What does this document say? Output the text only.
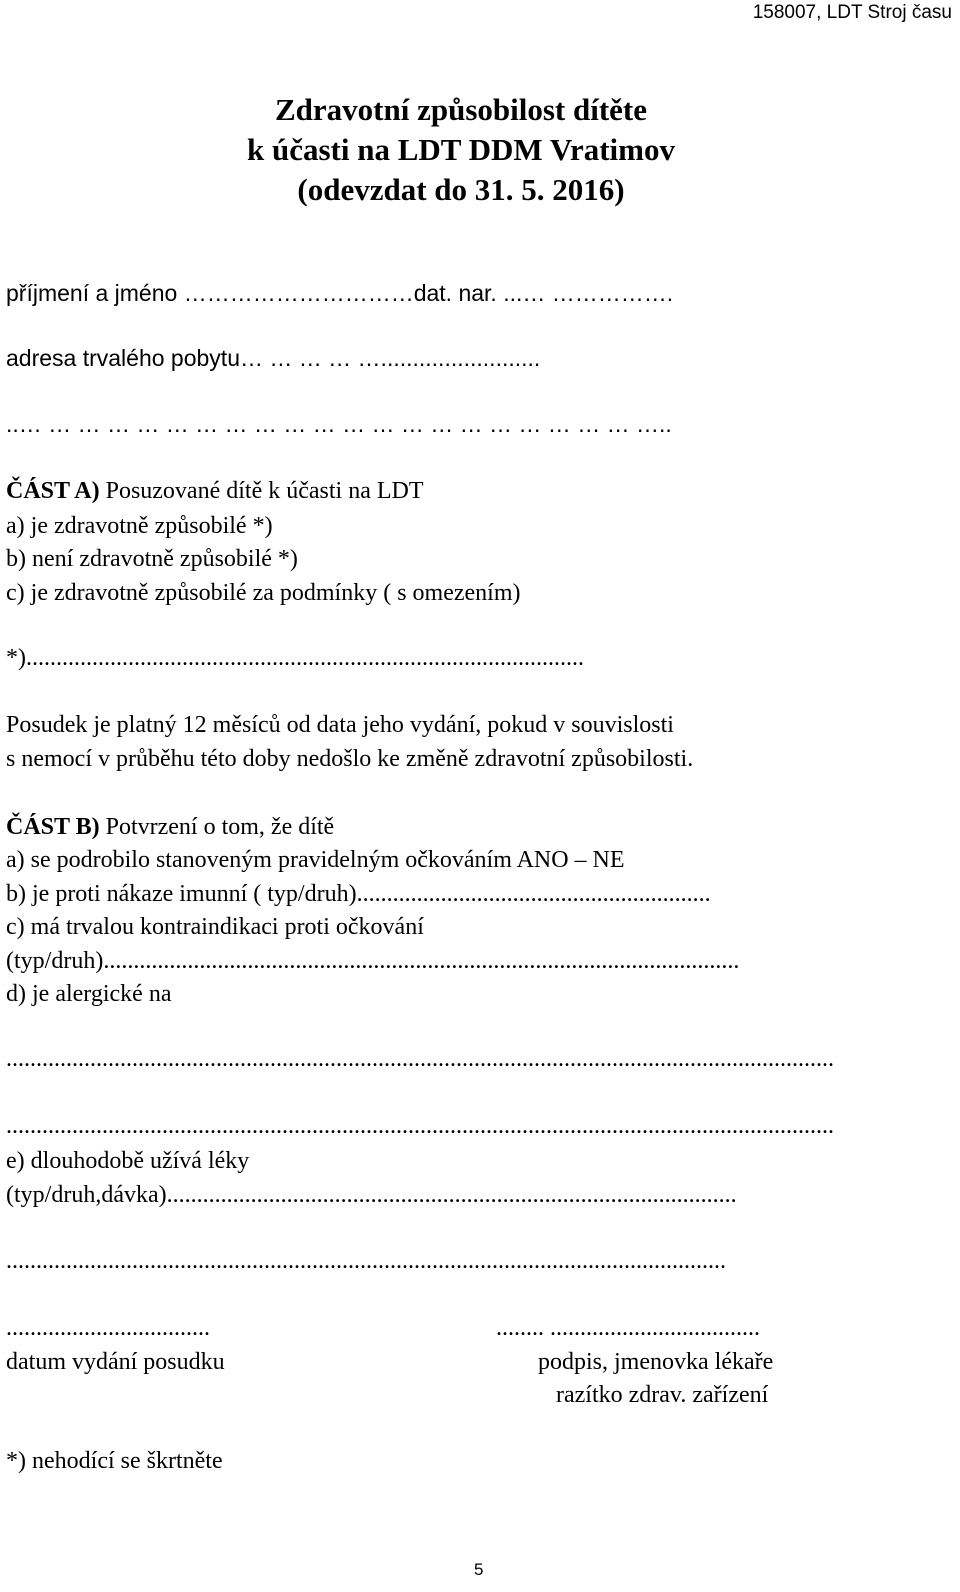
158007, LDT Stroj času
Zdravotní způsobilost dítěte
k účasti na LDT DDM Vratimov
(odevzdat do 31. 5. 2016)
příjmení a jméno …………………………dat. nar. ...… …………….
adresa trvalého pobytu… … … … ….........................
..… … … … … … … … … … … … … … … … … … … … … …..
ČÁST A) Posuzované dítě k účasti na LDT
a) je zdravotně způsobilé *)
b) není zdravotně způsobilé *)
c) je zdravotně způsobilé za podmínky ( s omezením)
*).............................................................................................
Posudek je platný 12 měsíců od data jeho vydání, pokud v souvislosti
s nemocí v průběhu této doby nedošlo ke změně zdravotní způsobilosti.
ČÁST B) Potvrzení o tom, že dítě
a) se podrobilo stanoveným pravidelným očkováním ANO – NE
b) je proti nákaze imunní ( typ/druh)...........................................................
c) má trvalou kontraindikaci proti očkování
(typ/druh)..........................................................................................................
d) je alergické na
..........................................................................................................................................
..........................................................................................................................................
e) dlouhodobě užívá léky
(typ/druh,dávka)...............................................................................................
........................................................................................................................
..................................	........ ...................................
datum vydání posudku	podpis, jmenovka lékaře
razítko zdrav. zařízení
*) nehodící se škrtněte
5
